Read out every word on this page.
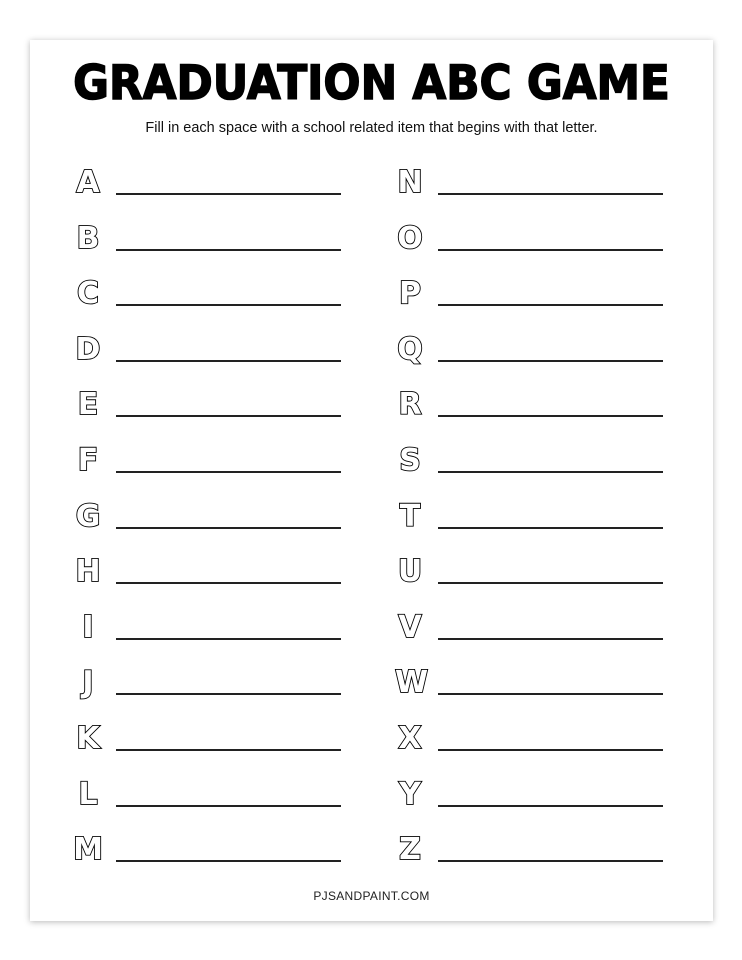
GRADUATION ABC GAME
Fill in each space with a school related item that begins with that letter.
A
B
C
D
E
F
G
H
I
J
K
L
M
N
O
P
Q
R
S
T
U
V
W
X
Y
Z
PJSANDPAINT.COM
